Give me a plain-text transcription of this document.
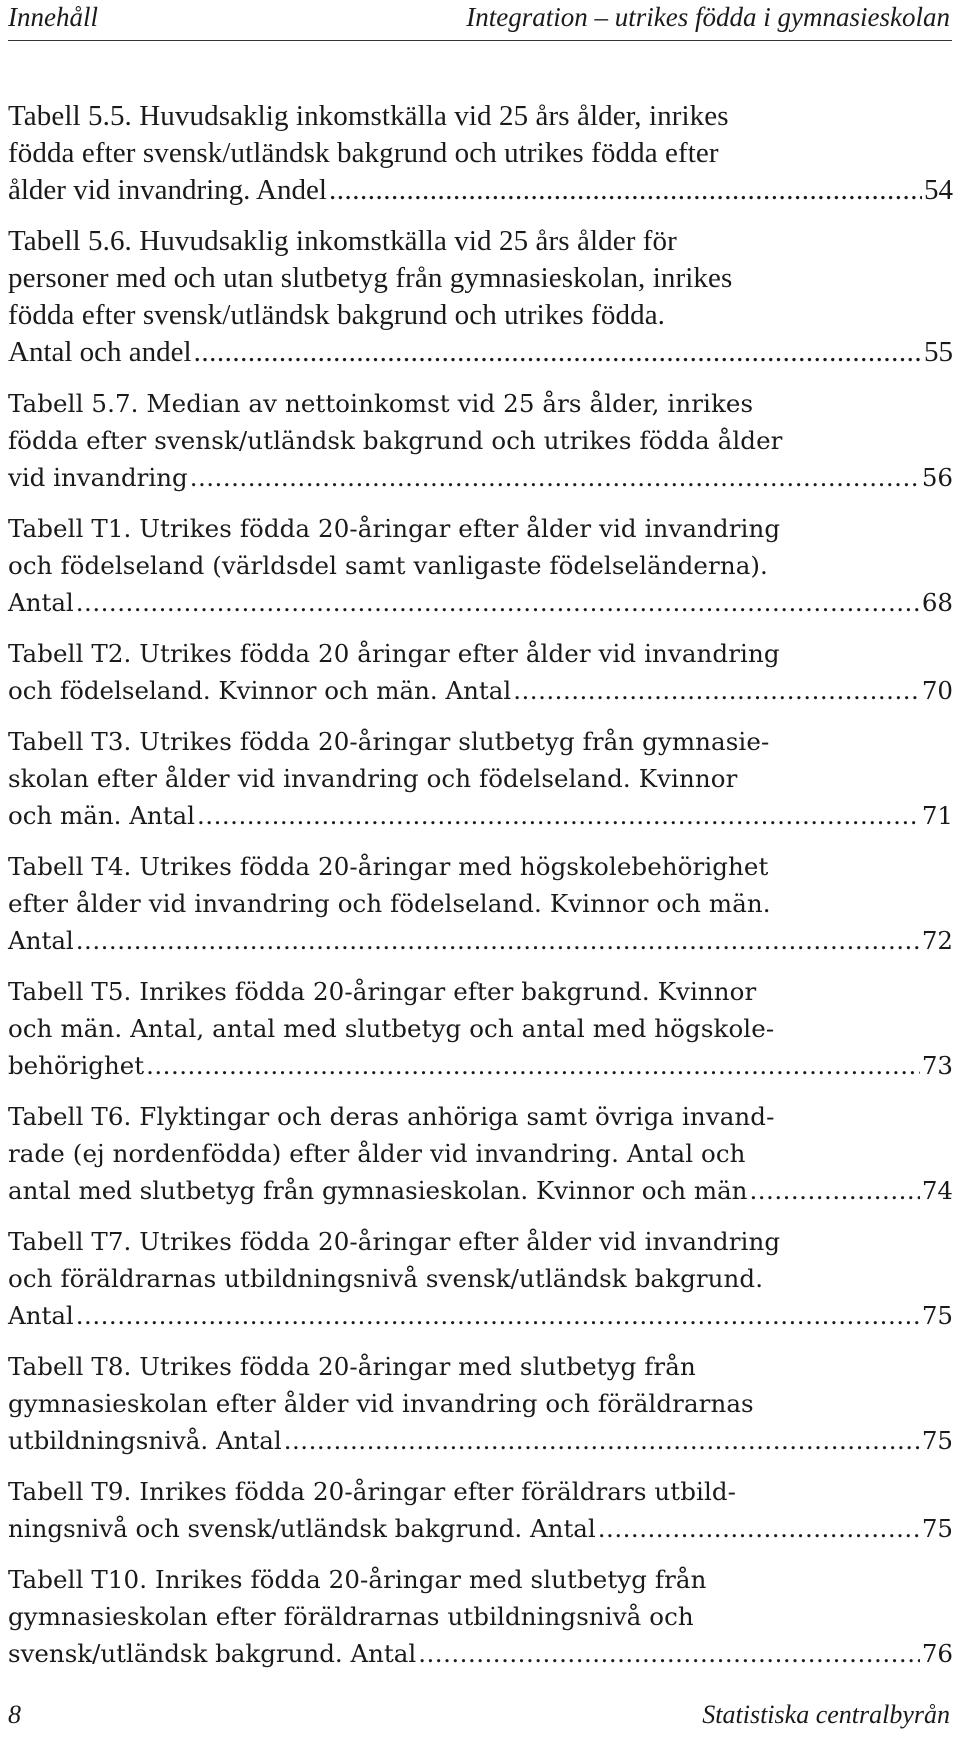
Innehåll	Integration – utrikes födda i gymnasieskolan
Tabell 5.5. Huvudsaklig inkomstkälla vid 25 års ålder, inrikes
födda efter svensk/utländsk bakgrund och utrikes födda efter
ålder vid invandring. Andel .....	54
Tabell 5.6. Huvudsaklig inkomstkälla vid 25 års ålder för
personer med och utan slutbetyg från gymnasieskolan, inrikes
födda efter svensk/utländsk bakgrund och utrikes födda.
Antal och andel .....	55
Tabell 5.7. Median av nettoinkomst vid 25 års ålder, inrikes
födda efter svensk/utländsk bakgrund och utrikes födda ålder
vid invandring .....	56
Tabell T1. Utrikes födda 20-åringar efter ålder vid invandring
och födelseland (världsdel samt vanligaste födelseländerna).
Antal .....	68
Tabell T2. Utrikes födda 20 åringar efter ålder vid invandring
och födelseland. Kvinnor och män. Antal .....	70
Tabell T3. Utrikes födda 20-åringar slutbetyg från gymnasie-
skolan efter ålder vid invandring och födelseland. Kvinnor
och män. Antal .....	71
Tabell T4. Utrikes födda 20-åringar med högskolebehörighet
efter ålder vid invandring och födelseland. Kvinnor och män.
Antal .....	72
Tabell T5. Inrikes födda 20-åringar efter bakgrund. Kvinnor
och män. Antal, antal med slutbetyg och antal med högskole-
behörighet .....	73
Tabell T6. Flyktingar och deras anhöriga samt övriga invand-
rade (ej nordenfödda) efter ålder vid invandring. Antal och
antal med slutbetyg från gymnasieskolan. Kvinnor och män .....	74
Tabell T7. Utrikes födda 20-åringar efter ålder vid invandring
och föräldrarnas utbildningsnivå svensk/utländsk bakgrund.
Antal .....	75
Tabell T8. Utrikes födda 20-åringar med slutbetyg från
gymnasieskolan efter ålder vid invandring och föräldrarnas
utbildningsnivå. Antal .....	75
Tabell T9. Inrikes födda 20-åringar efter föräldrars utbild-
ningsnivå och svensk/utländsk bakgrund. Antal .....	75
Tabell T10. Inrikes födda 20-åringar med slutbetyg från
gymnasieskolan efter föräldrarnas utbildningsnivå och
svensk/utländsk bakgrund. Antal .....	76
8	Statistiska centralbyrån
